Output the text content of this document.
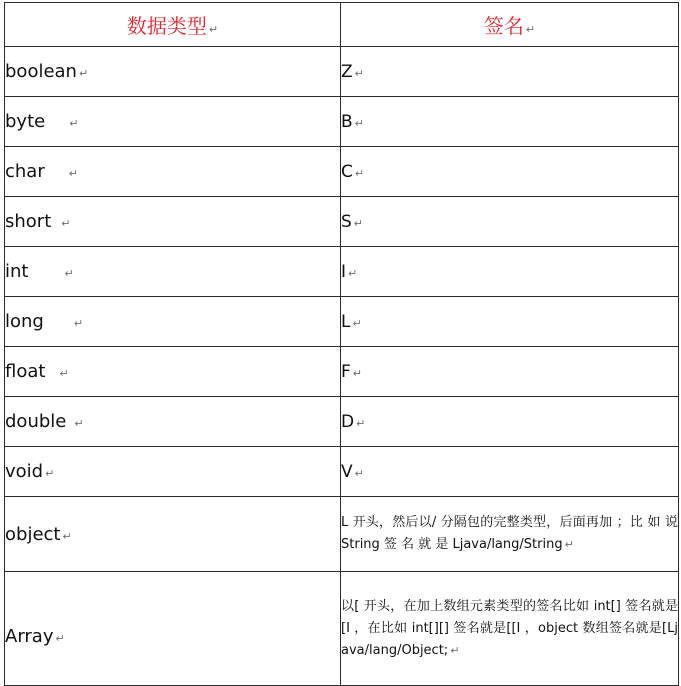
数据类型 ↵	签名 ↵
boolean ↵	Z ↵
byte ↵	B ↵
char ↵	C ↵
short ↵	S ↵
int ↵	I ↵
long ↵	L ↵
float ↵	F ↵
double ↵	D ↵
void ↵	V ↵
object ↵	L 开头，然后以/ 分隔包的完整类型，后面再加 ；比 如 说 String 签 名 就 是 Ljava/lang/String ↵
Array ↵	以[ 开头，在加上数组元素类型的签名比如 int[] 签名就是[I ，在比如 int[][] 签名就是[[I ，object 数组签名就是[Ljava/lang/Object; ↵
